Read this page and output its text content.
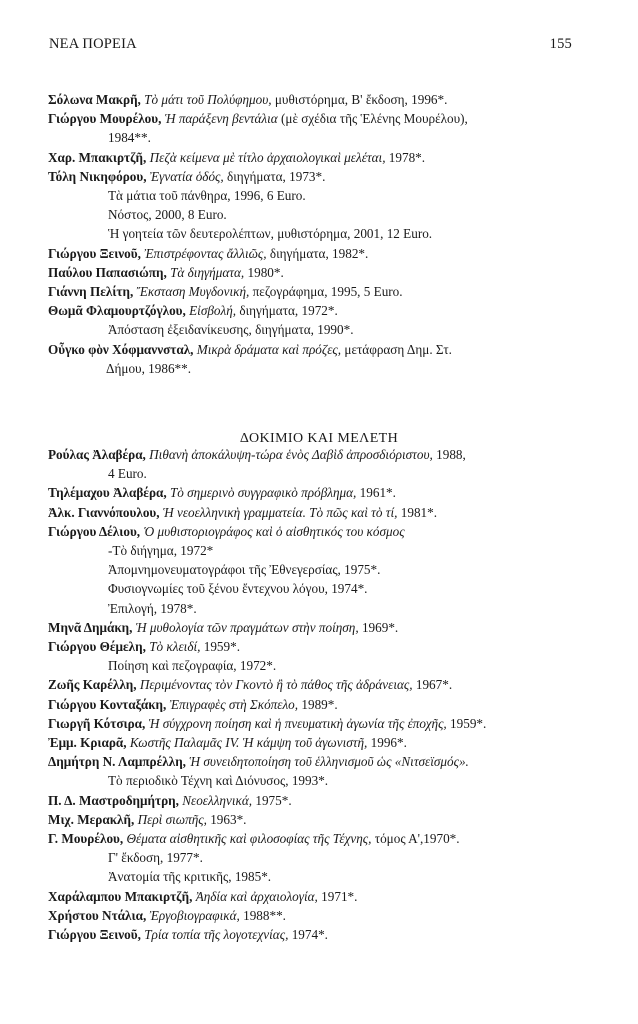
ΝΕΑ ΠΟΡΕΙΑ	155

Σόλωνα Μακρῆ, Τὸ μάτι τοῦ Πολύφημου, μυθιστόρημα, Β' ἔκδοση, 1996*.

Γιώργου Μουρέλου, Ἡ παράξενη βεντάλια (μὲ σχέδια τῆς Ἑλένης Μουρέλου),

1984**.

Χαρ. Μπακιρτζῆ, Πεζὰ κείμενα μὲ τίτλο ἀρχαιολογικαὶ μελέται, 1978*.

Τόλη Νικηφόρου, Ἐγνατία ὁδός, διηγήματα, 1973*.

Τὰ μάτια τοῦ πάνθηρα, 1996, 6 Euro.
Νόστος, 2000, 8 Euro.
Ἡ γοητεία τῶν δευτερολέπτων, μυθιστόρημα, 2001, 12 Euro.

Γιώργου Ξεινοῦ, Ἐπιστρέφοντας ἄλλιῶς, διηγήματα, 1982*.

Παύλου Παπασιώπη, Τὰ διηγήματα, 1980*.

Γιάννη Πελίτη, Ἔκσταση Μυγδονική, πεζογράφημα, 1995, 5 Euro.

Θωμᾶ Φλαμουρτζόγλου, Εἰσβολή, διηγήματα, 1972*.

Ἀπόσταση ἐξειδανίκευσης, διηγήματα, 1990*.

Οὖγκο φὸν Χόφμαννσταλ, Μικρὰ δράματα καὶ πρόζες, μετάφραση Δημ. Στ.

Δήμου, 1986**.
ΔΟΚΙΜΙΟ ΚΑΙ ΜΕΛΕΤΗ

Ρούλας Ἀλαβέρα, Πιθανὴ ἀποκάλυψη-τώρα ἑνὸς Δαβὶδ ἀπροσδιόριστου, 1988,

4 Euro.

Τηλέμαχου Ἀλαβέρα, Τὸ σημερινὸ συγγραφικὸ πρόβλημα, 1961*.

Ἀλκ. Γιαννόπουλου, Ἡ νεοελληνικὴ γραμματεία. Τὸ πῶς καὶ τὸ τί, 1981*.

Γιώργου Δέλιου, Ὁ μυθιστοριογράφος καὶ ὁ αἰσθητικός του κόσμος

-Τὸ διήγημα, 1972*
Ἀπομνημονευματογράφοι τῆς Ἐθνεγερσίας, 1975*.
Φυσιογνωμίες τοῦ ξένου ἔντεχνου λόγου, 1974*.
Ἐπιλογή, 1978*.

Μηνᾶ Δημάκη, Ἡ μυθολογία τῶν πραγμάτων στὴν ποίηση, 1969*.

Γιώργου Θέμελη, Τὸ κλειδί, 1959*.

Ποίηση καὶ πεζογραφία, 1972*.

Ζωῆς Καρέλλη, Περιμένοντας τὸν Γκοντὸ ἢ τὸ πάθος τῆς ἀδράνειας, 1967*.

Γιώργου Κονταξάκη, Ἐπιγραφὲς στὴ Σκόπελο, 1989*.

Γιωργῆ Κότσιρα, Ἡ σύγχρονη ποίηση καὶ ἡ πνευματικὴ ἀγωνία τῆς ἐποχῆς, 1959*.

Ἐμμ. Κριαρᾶ, Κωστῆς Παλαμᾶς IV. Ἡ κάμψη τοῦ ἀγωνιστῆ, 1996*.

Δημήτρη Ν. Λαμπρέλλη, Ἡ συνειδητοποίηση τοῦ ἑλληνισμοῦ ὡς «Νιτσεϊσμός».

Τὸ περιοδικὸ Τέχνη καὶ Διόνυσος, 1993*.

Π. Δ. Μαστροδημήτρη, Νεοελληνικά, 1975*.

Μιχ. Μερακλῆ, Περὶ σιωπῆς, 1963*.

Γ. Μουρέλου, Θέματα αἰσθητικῆς καὶ φιλοσοφίας τῆς Τέχνης, τόμος Α',1970*.

Γ' ἔκδοση, 1977*.
Ἀνατομία τῆς κριτικῆς, 1985*.

Χαράλαμπου Μπακιρτζῆ, Ἀηδία καὶ ἀρχαιολογία, 1971*.

Χρήστου Ντάλια, Ἐργοβιογραφικά, 1988**.

Γιώργου Ξεινοῦ, Τρία τοπία τῆς λογοτεχνίας, 1974*.
